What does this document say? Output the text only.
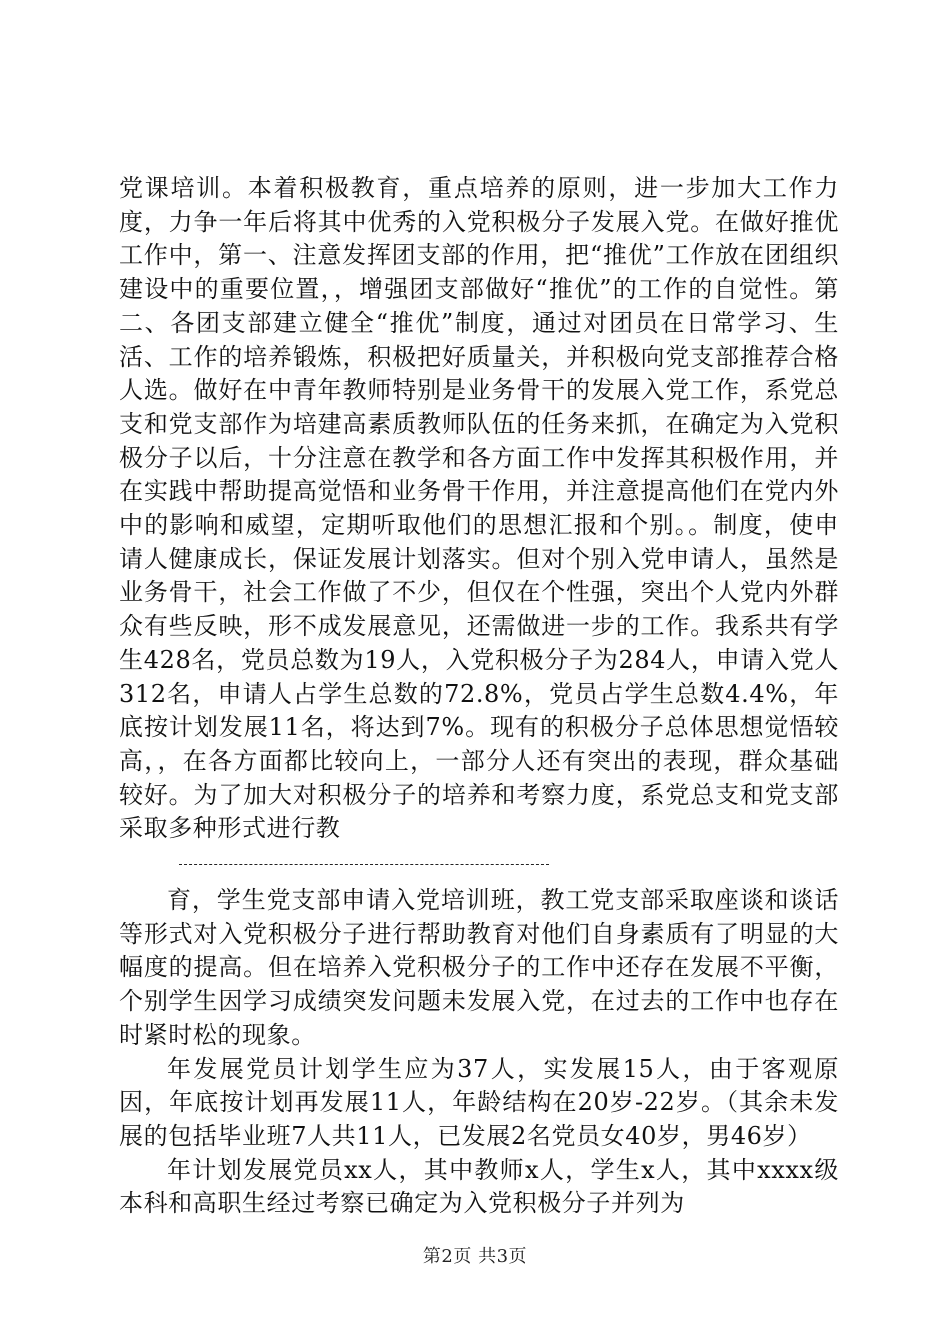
党课培训。本着积极教育，重点培养的原则，进一步加大工作力度，力争一年后将其中优秀的入党积极分子发展入党。在做好推优工作中，第一、注意发挥团支部的作用，把“推优”工作放在团组织建设中的重要位置，，增强团支部做好“推优”的工作的自觉性。第二、各团支部建立健全“推优”制度，通过对团员在日常学习、生活、工作的培养锻炼，积极把好质量关，并积极向党支部推荐合格人选。做好在中青年教师特别是业务骨干的发展入党工作，系党总支和党支部作为培建高素质教师队伍的任务来抓，在确定为入党积极分子以后，十分注意在教学和各方面工作中发挥其积极作用，并在实践中帮助提高觉悟和业务骨干作用，并注意提高他们在党内外中的影响和威望，定期听取他们的思想汇报和个别。。制度，使申请人健康成长，保证发展计划落实。但对个别入党申请人，虽然是业务骨干，社会工作做了不少，但仅在个性强，突出个人党内外群众有些反映，形不成发展意见，还需做进一步的工作。我系共有学生428名，党员总数为19人，入党积极分子为284人，申请入党人312名，申请人占学生总数的72.8%，党员占学生总数4.4%，年底按计划发展11名，将达到7%。现有的积极分子总体思想觉悟较高，，在各方面都比较向上，一部分人还有突出的表现，群众基础较好。为了加大对积极分子的培养和考察力度，系党总支和党支部采取多种形式进行教

育，学生党支部申请入党培训班，教工党支部采取座谈和谈话等形式对入党积极分子进行帮助教育对他们自身素质有了明显的大幅度的提高。但在培养入党积极分子的工作中还存在发展不平衡，个别学生因学习成绩突发问题未发展入党，在过去的工作中也存在时紧时松的现象。

年发展党员计划学生应为37人，实发展15人，由于客观原因，年底按计划再发展11人，年龄结构在20岁-22岁。（其余未发展的包括毕业班7人共11人，已发展2名党员女40岁，男46岁）

年计划发展党员xx人，其中教师x人，学生x人，其中xxxx级本科和高职生经过考察已确定为入党积极分子并列为

第2页 共3页
